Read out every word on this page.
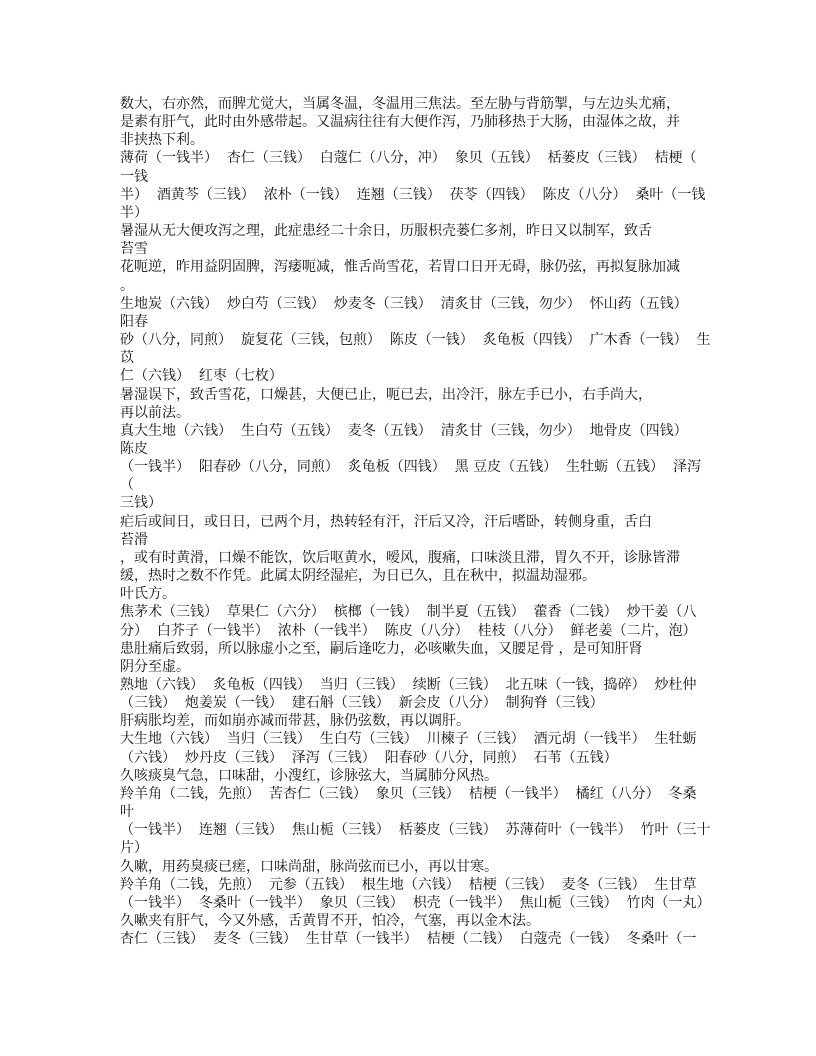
数大，右亦然，而脾尤觉大，当属冬温，冬温用三焦法。至左胁与背筋掣，与左边头尤痛，
是素有肝气，此时由外感带起。又温病往往有大便作泻，乃肺移热于大肠，由湿体之故，并
非挟热下利。
薄荷（一钱半）  杏仁（三钱）  白蔻仁（八分，冲）  象贝（五钱）  栝蒌皮（三钱）  桔梗（
一钱
半）  酒黄芩（三钱）  浓朴（一钱）  连翘（三钱）  茯苓（四钱）  陈皮（八分）  桑叶（一钱
半）
暑湿从无大便攻泻之理，此症患经二十余日，历服枳壳蒌仁多剂，昨日又以制军，致舌
苔雪
花呃逆，昨用益阴固脾，泻痿呃减，惟舌尚雪花，若胃口日开无碍，脉仍弦，再拟复脉加减
。
生地炭（六钱）  炒白芍（三钱）  炒麦冬（三钱）  清炙甘（三钱，勿少）  怀山药（五钱）
阳春
砂（八分，同煎）  旋复花（三钱，包煎）  陈皮（一钱）  炙龟板（四钱）  广木香（一钱）  生
苡
仁（六钱）  红枣（七枚）
暑湿误下，致舌雪花，口燥甚，大便已止，呃已去，出冷汗，脉左手已小，右手尚大，
再以前法。
真大生地（六钱）  生白芍（五钱）  麦冬（五钱）  清炙甘（三钱，勿少）  地骨皮（四钱）
陈皮
（一钱半）  阳春砂（八分，同煎）  炙龟板（四钱）  黑 豆皮（五钱）  生牡蛎（五钱）  泽泻
（
三钱）
疟后或间日，或日日，已两个月，热转轻有汗，汗后又冷，汗后嗜卧，转侧身重，舌白
苔滑
，或有时黄滑，口燥不能饮，饮后呕黄水，嗳风，腹痛，口味淡且滞，胃久不开，诊脉皆滞
缓，热时之数不作凭。此属太阴经湿疟，为日已久，且在秋中，拟温劫湿邪。
叶氏方。
焦茅术（三钱）  草果仁（六分）  槟榔（一钱）  制半夏（五钱）  藿香（二钱）  炒干姜（八
分）  白芥子（一钱半）  浓朴（一钱半）  陈皮（八分）  桂枝（八分）  鲜老姜（二片，泡）
患肚痛后致弱，所以脉虚小之至，嗣后逢吃力，必咳嗽失血，又腰足骨 ，是可知肝肾
阴分至虚。
熟地（六钱）  炙龟板（四钱）  当归（三钱）  续断（三钱）  北五味（一钱，捣碎）  炒杜仲
（三钱）  炮姜炭（一钱）  建石斛（三钱）  新会皮（八分）  制狗脊（三钱）
肝病胀均差，而如崩亦减而带甚，脉仍弦数，再以调肝。
大生地（六钱）  当归（三钱）  生白芍（三钱）  川楝子（三钱）  酒元胡（一钱半）  生牡蛎
（六钱）  炒丹皮（三钱）  泽泻（三钱）  阳春砂（八分，同煎）  石苇（五钱）
久咳痰臭气急，口味甜，小溲红，诊脉弦大，当属肺分风热。
羚羊角（二钱，先煎）  苦杏仁（三钱）  象贝（三钱）  桔梗（一钱半）  橘红（八分）  冬桑
叶
（一钱半）  连翘（三钱）  焦山栀（三钱）  栝蒌皮（三钱）  苏薄荷叶（一钱半）  竹叶（三十
片）
久嗽，用药臭痰已瘥，口味尚甜，脉尚弦而已小，再以甘寒。
羚羊角（二钱，先煎）  元参（五钱）  根生地（六钱）  桔梗（三钱）  麦冬（三钱）  生甘草
（一钱半）  冬桑叶（一钱半）  象贝（三钱）  枳壳（一钱半）  焦山栀（三钱）  竹肉（一丸）
久嗽夹有肝气，今又外感，舌黄胃不开，怕冷，气塞，再以金木法。
杏仁（三钱）  麦冬（三钱）  生甘草（一钱半）  桔梗（二钱）  白蔻壳（一钱）  冬桑叶（一
